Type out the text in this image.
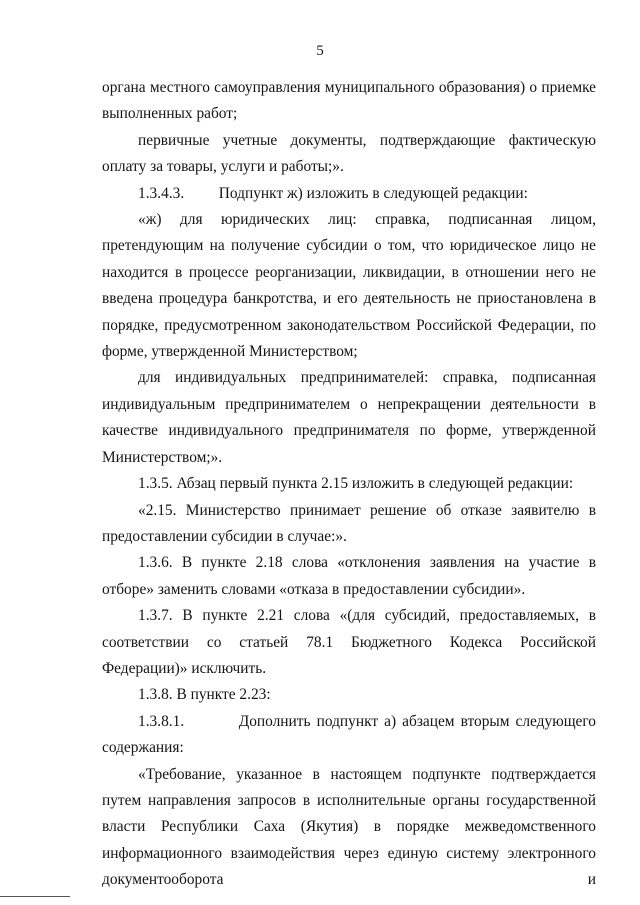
5

органа местного самоуправления муниципального образования) о приемке выполненных работ;

первичные учетные документы, подтверждающие фактическую оплату за товары, услуги и работы;».

1.3.4.3.         Подпункт ж) изложить в следующей редакции:

«ж) для юридических лиц: справка, подписанная лицом, претендующим на получение субсидии о том, что юридическое лицо не находится в процессе реорганизации, ликвидации, в отношении него не введена процедура банкротства, и его деятельность не приостановлена в порядке, предусмотренном законодательством Российской Федерации, по форме, утвержденной Министерством;

для индивидуальных предпринимателей: справка, подписанная индивидуальным предпринимателем о непрекращении деятельности в качестве индивидуального предпринимателя по форме, утвержденной Министерством;».

1.3.5. Абзац первый пункта 2.15 изложить в следующей редакции:

«2.15. Министерство принимает решение об отказе заявителю в предоставлении субсидии в случае:».

1.3.6. В пункте 2.18 слова «отклонения заявления на участие в отборе» заменить словами «отказа в предоставлении субсидии».

1.3.7. В пункте 2.21 слова «(для субсидий, предоставляемых, в соответствии со статьей 78.1 Бюджетного Кодекса Российской Федерации)» исключить.

1.3.8. В пункте 2.23:

1.3.8.1.         Дополнить подпункт а) абзацем вторым следующего содержания:

«Требование, указанное в настоящем подпункте подтверждается путем направления запросов в исполнительные органы государственной власти Республики Саха (Якутия) в порядке межведомственного информационного взаимодействия через единую систему электронного документооборота и
